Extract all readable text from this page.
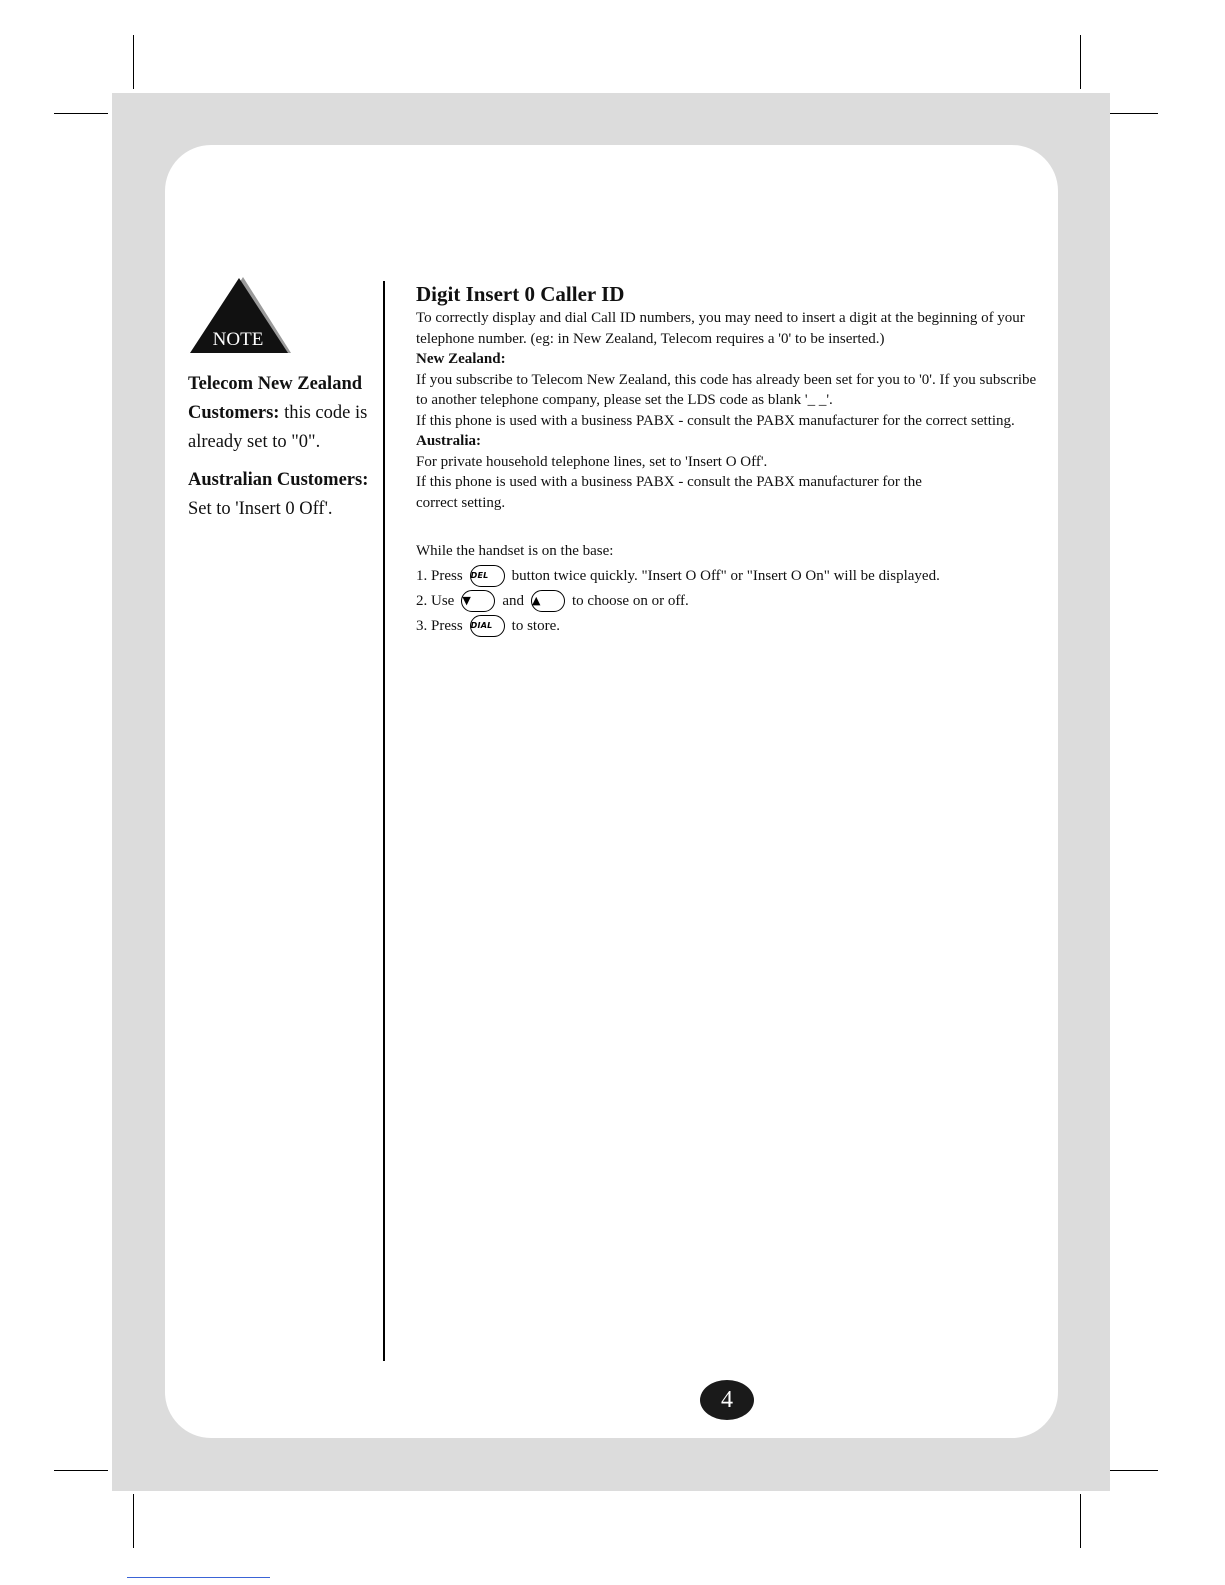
NOTE

Telecom New Zealand Customers: this code is already set to "0".

Australian Customers:
Set to 'Insert 0 Off'.

Digit Insert 0 Caller ID

To correctly display and dial Call ID numbers, you may need to insert a digit at the beginning of your telephone number. (eg: in New Zealand, Telecom requires a '0' to be inserted.)

New Zealand:

If you subscribe to Telecom New Zealand, this code has already been set for you to '0'. If you subscribe to another telephone company, please set the LDS code as blank '_ _'.

If this phone is used with a business PABX - consult the PABX manufacturer for the correct setting.

Australia:

For private household telephone lines, set to 'Insert O Off'.

If this phone is used with a business PABX - consult the PABX manufacturer for the correct setting.

While the handset is on the base:

1. Press DEL	button twice quickly. "Insert O Off" or "Insert O On" will be displayed.
2. Use ▼	and ▲	to choose on or off.
3. Press DIAL	to store.
4
